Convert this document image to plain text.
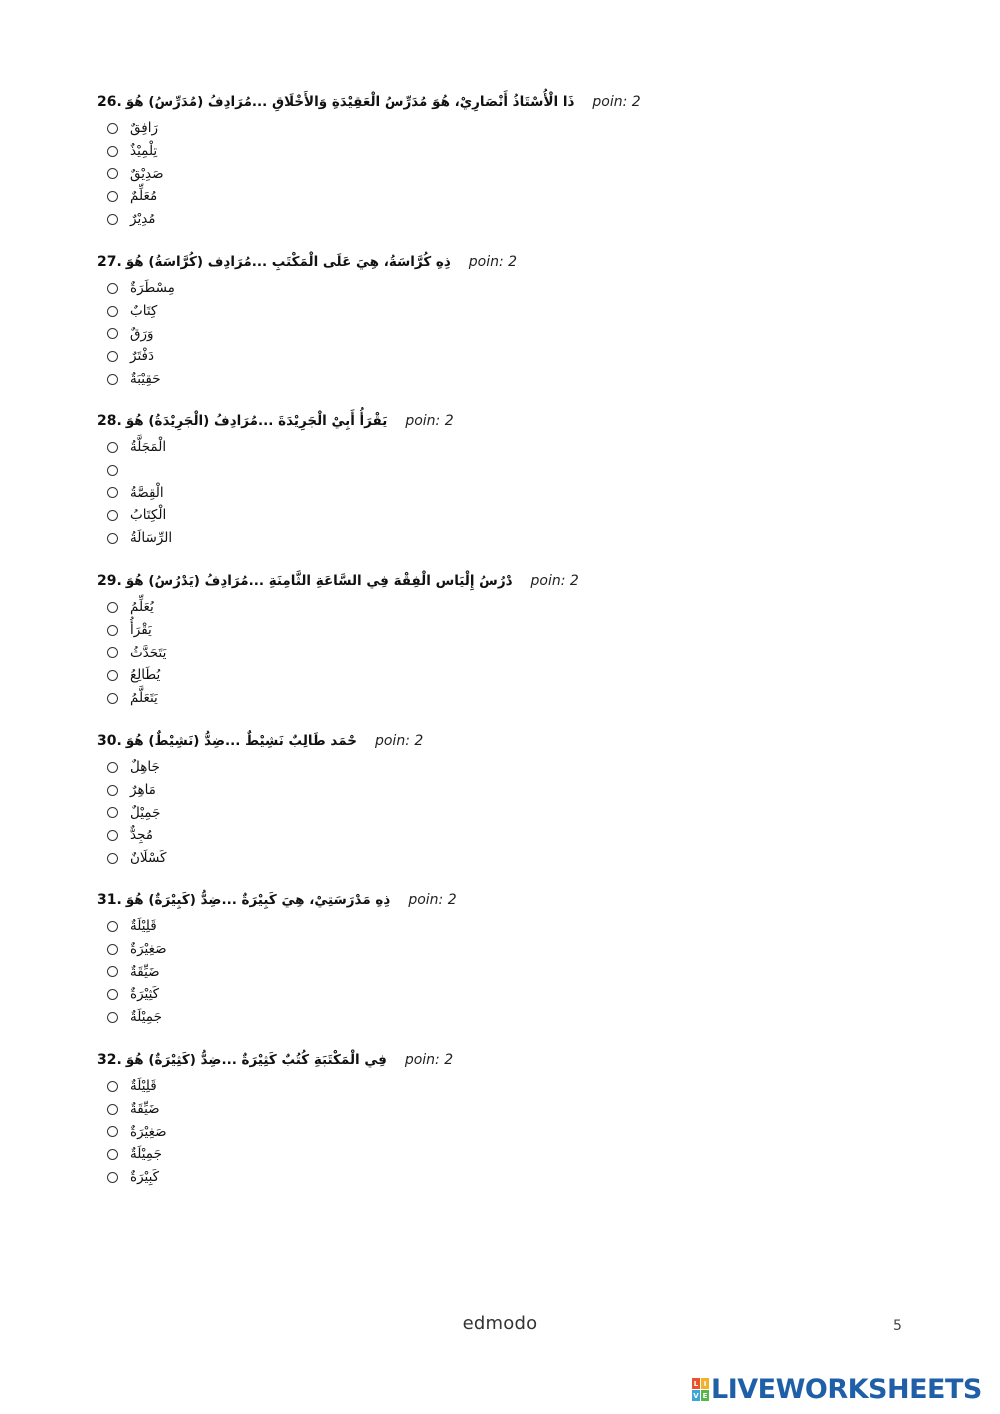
26. ذَا الْأُسْتَاذُ أَنْصَارِيْ، هُوَ مُدَرِّسُ الْعَقِيْدَةِ وَالأَخْلَاقِ ...مُرَادِفُ (مُدَرِّسُ) هُوَ poin: 2
رَافِقٌ
تِلْمِيْذٌ
صَدِيْقٌ
مُعَلِّمٌ
مُدِيْرٌ
27. ذِهِ كُرَّاسَةُ، هِيَ عَلَى الْمَكْتَبِ ...مُرَادِف (كُرَّاسَةُ) هُوَ poin: 2
مِسْطَرَةٌ
كِتَابٌ
وَرَقٌ
دَفْتَرٌ
حَقِيْبَةٌ
28. يَقْرَأُ أَبِيْ الْجَرِيْدَةَ ...مُرَادِفُ (الْجَرِيْدَةُ) هُوَ poin: 2
الْمَجَلَّةُ
الْقِصَّةُ
الْكِتَابُ
الرِّسَالَةُ
29. دْرُسُ إِلْيَاس الْفِقْهَ فِي السَّاعَةِ الثَّامِنَةِ ...مُرَادِفُ (يَدْرُسُ) هُوَ poin: 2
يُعَلِّمُ
يَقْرَأُ
يَتَحَدَّثُ
يُطَالِعُ
يَتَعَلَّمُ
30. حْمَد طَالِبٌ نَشِيْطٌ ...ضِدُّ (نَشِيْطٌ) هُوَ poin: 2
جَاهِلٌ
مَاهِرٌ
جَمِيْلٌ
مُجِدٌّ
كَسْلَانٌ
31. ذِهِ مَدْرَسَتِيْ، هِيَ كَبِيْرَةٌ ...ضِدُّ (كَبِيْرَةٌ) هُوَ poin: 2
قَلِيْلَةٌ
صَغِيْرَةٌ
ضَيِّقَةٌ
كَثِيْرَةٌ
جَمِيْلَةٌ
32. فِي الْمَكْتَبَةِ كُتُبٌ كَثِيْرَةٌ ...ضِدُّ (كَثِيْرَةٌ) هُوَ poin: 2
قَلِيْلَةٌ
ضَيِّقَةٌ
صَغِيْرَةٌ
جَمِيْلَةٌ
كَبِيْرَةٌ
edmodo	5
L I
V E LIVEWORKSHEETS
